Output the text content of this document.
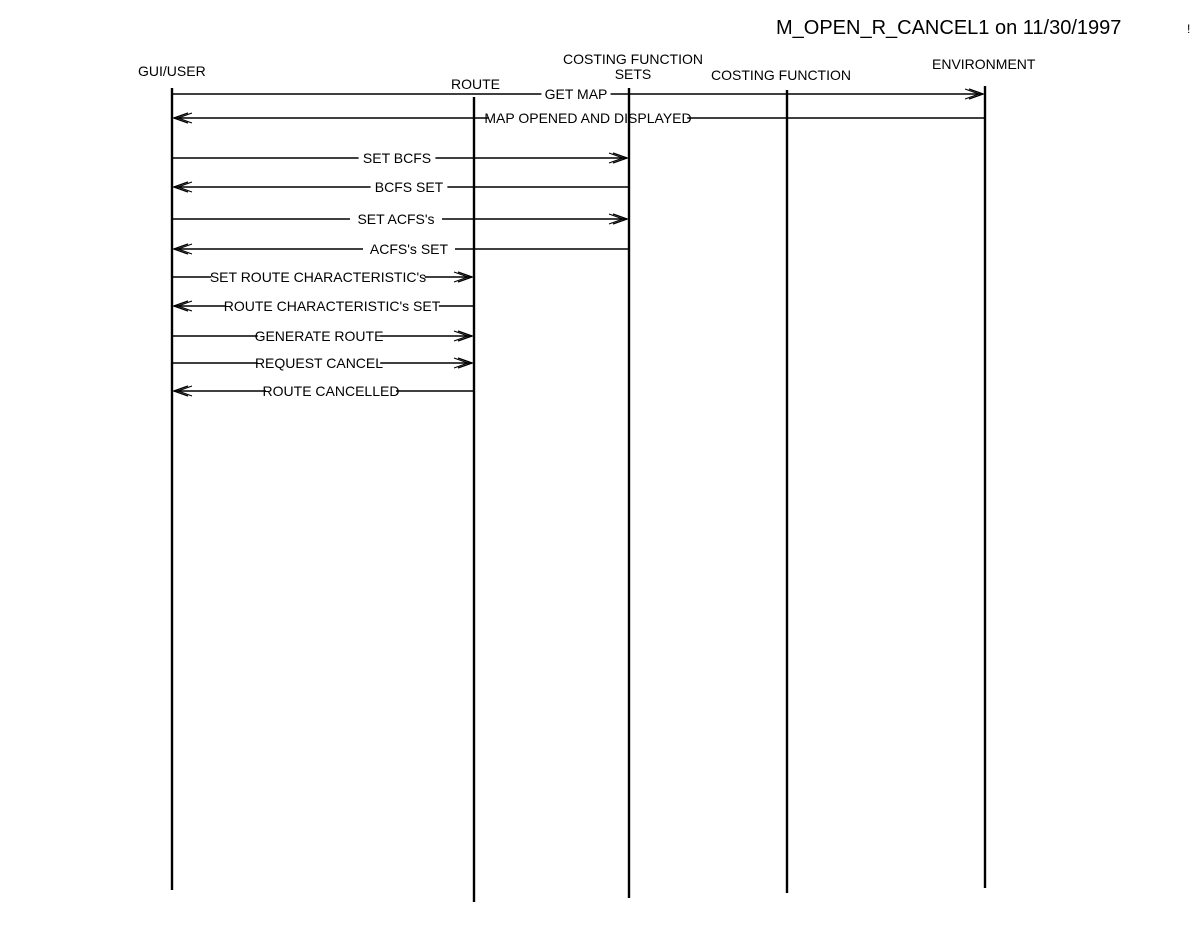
M_OPEN_R_CANCEL1 on 11/30/1997
GUI/USER
ROUTE
COSTING FUNCTION SETS	COSTING FUNCTION
ENVIRONMENT
!
GET MAP
MAP OPENED AND DISPLAYED
SET BCFS
BCFS SET
SET ACFS's
ACFS's SET
SET ROUTE CHARACTERISTIC's
ROUTE CHARACTERISTIC's SET
GENERATE ROUTE
REQUEST CANCEL
ROUTE CANCELLED
